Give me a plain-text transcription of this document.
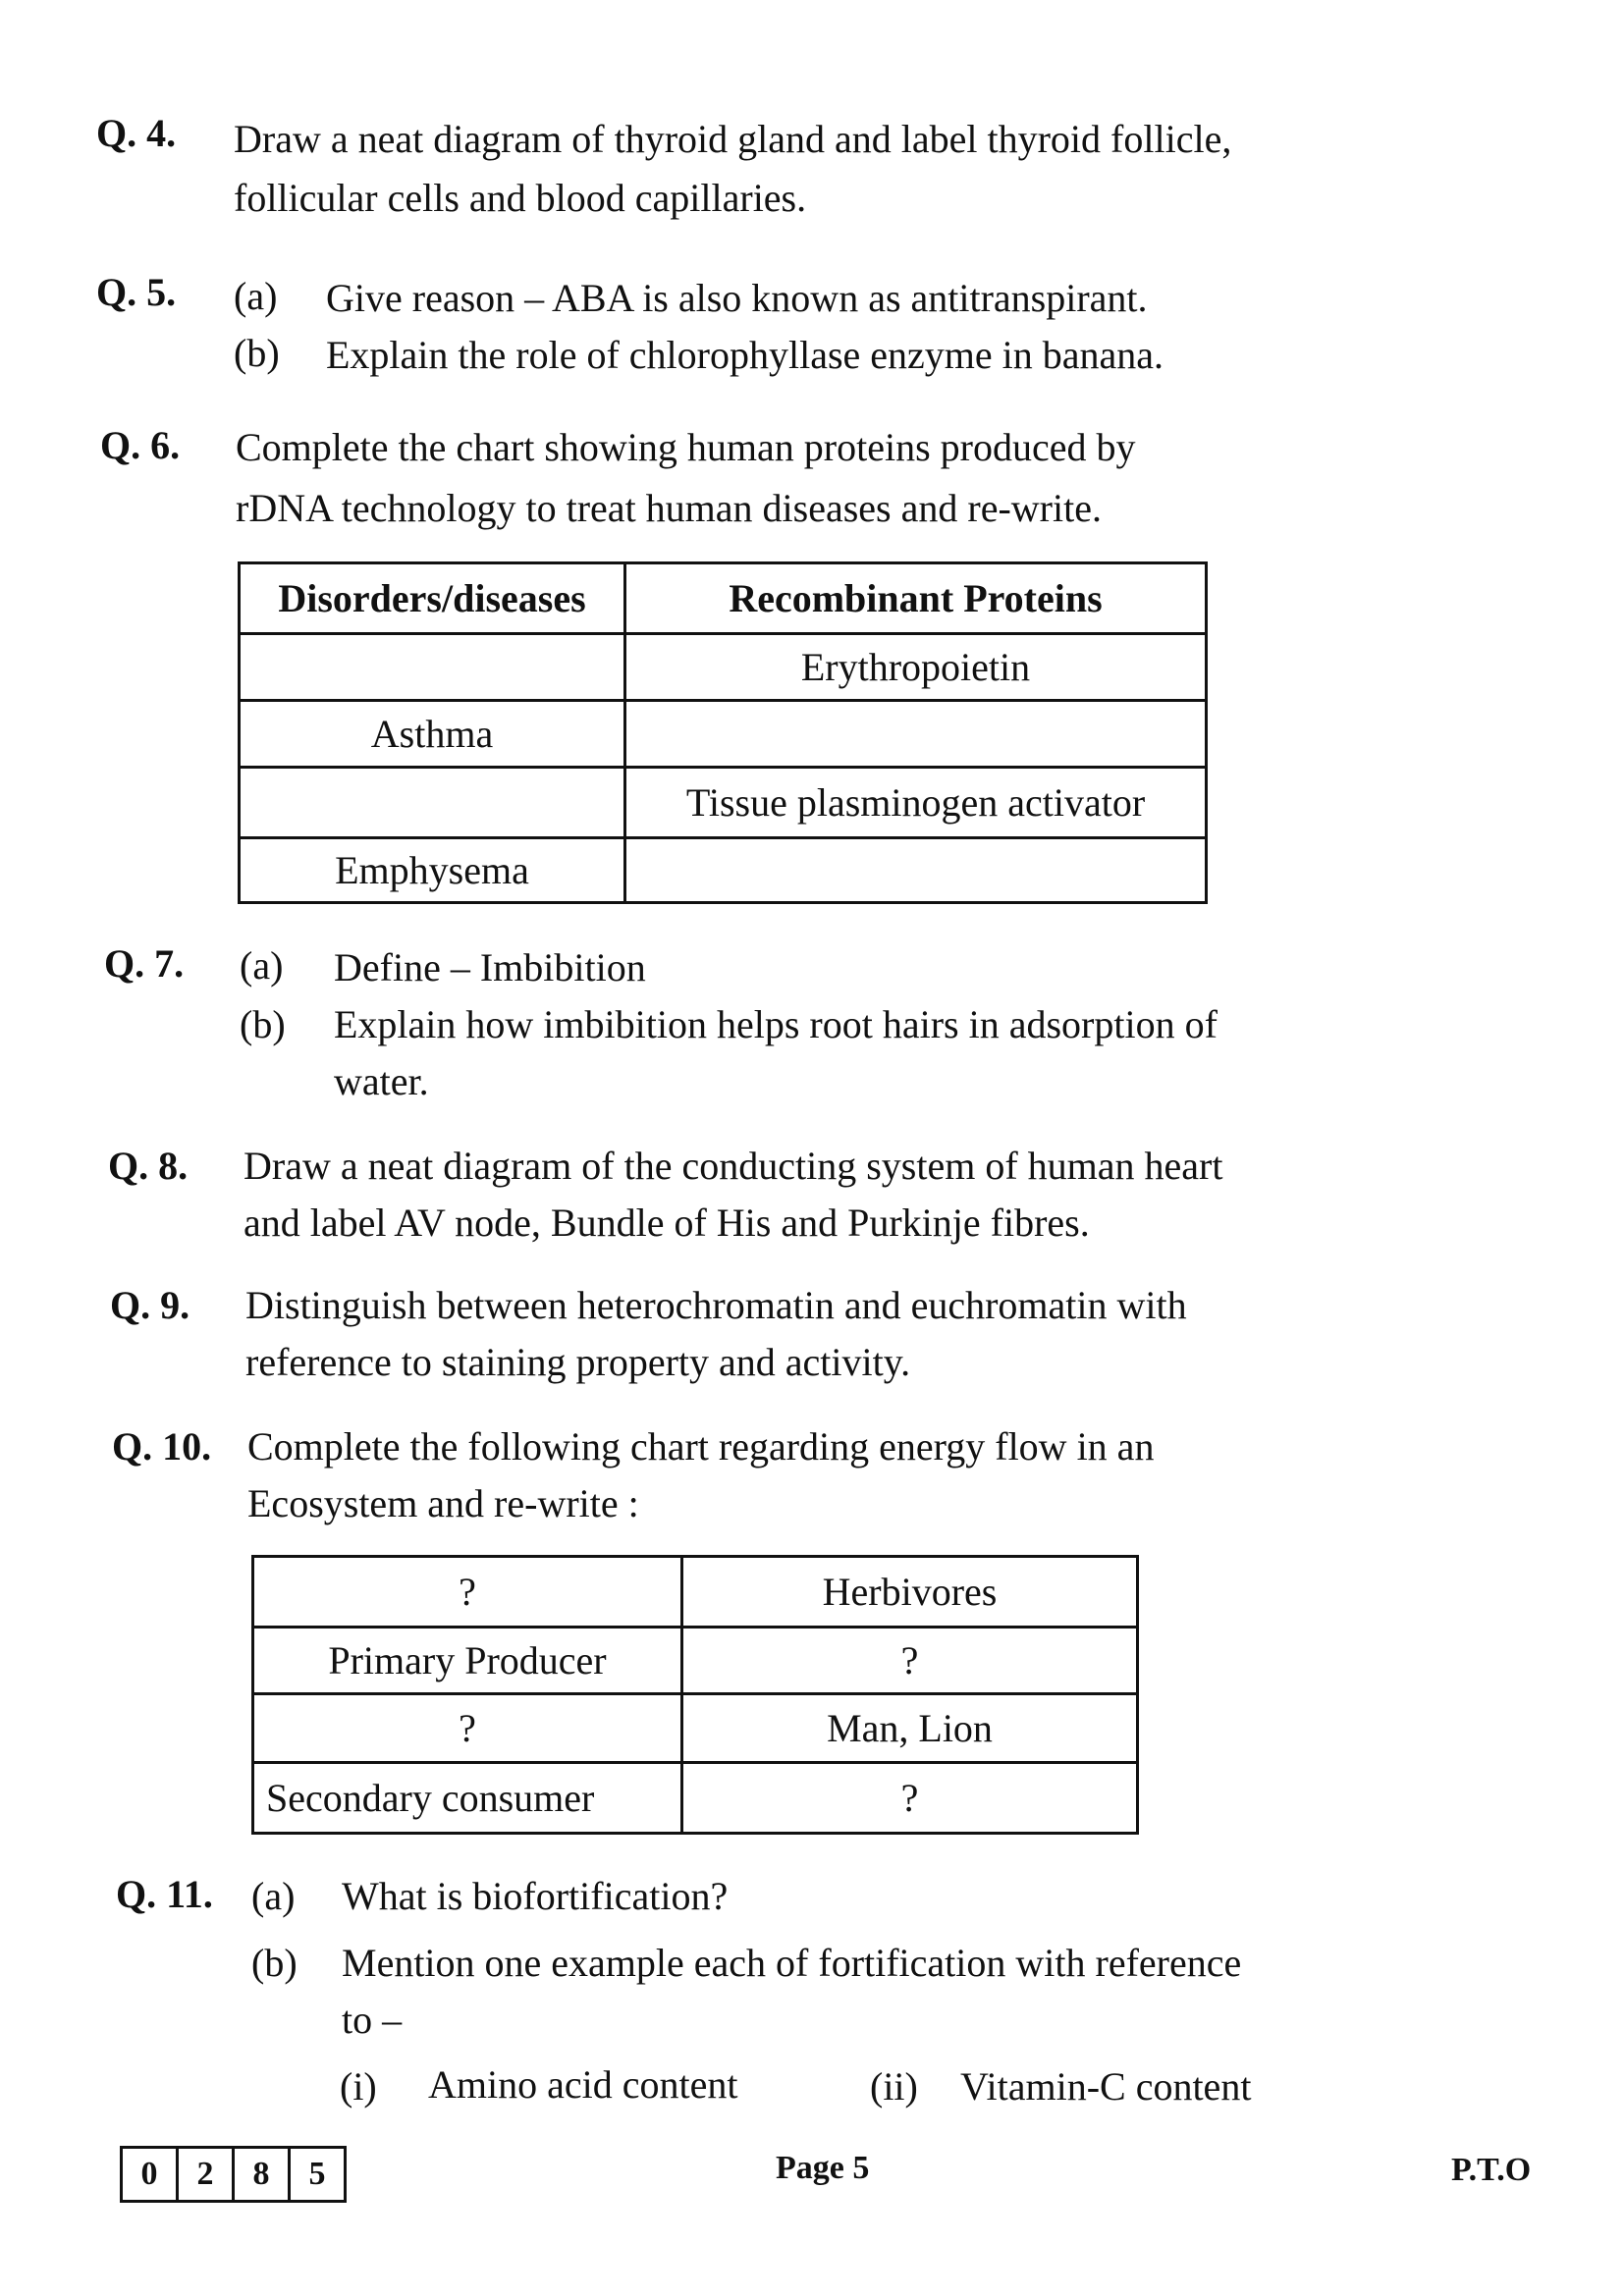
Q. 4. Draw a neat diagram of thyroid gland and label thyroid follicle,
follicular cells and blood capillaries.
Q. 5. (a) Give reason – ABA is also known as antitranspirant.
(b) Explain the role of chlorophyllase enzyme in banana.
Q. 6. Complete the chart showing human proteins produced by
rDNA technology to treat human diseases and re-write.
Disorders/diseases	Recombinant Proteins
	Erythropoietin
Asthma	
	Tissue plasminogen activator
Emphysema	
Q. 7. (a) Define – Imbibition
(b) Explain how imbibition helps root hairs in adsorption of
water.
Q. 8. Draw a neat diagram of the conducting system of human heart
and label AV node, Bundle of His and Purkinje fibres.
Q. 9. Distinguish between heterochromatin and euchromatin with
reference to staining property and activity.
Q. 10. Complete the following chart regarding energy flow in an
Ecosystem and re-write :
?	Herbivores
Primary Producer	?
?	Man, Lion
Secondary consumer	?
Q. 11. (a) What is biofortification?
(b) Mention one example each of fortification with reference
to –
(i) Amino acid content	(ii) Vitamin-C content
0	2	8	5	Page 5	P.T.O
